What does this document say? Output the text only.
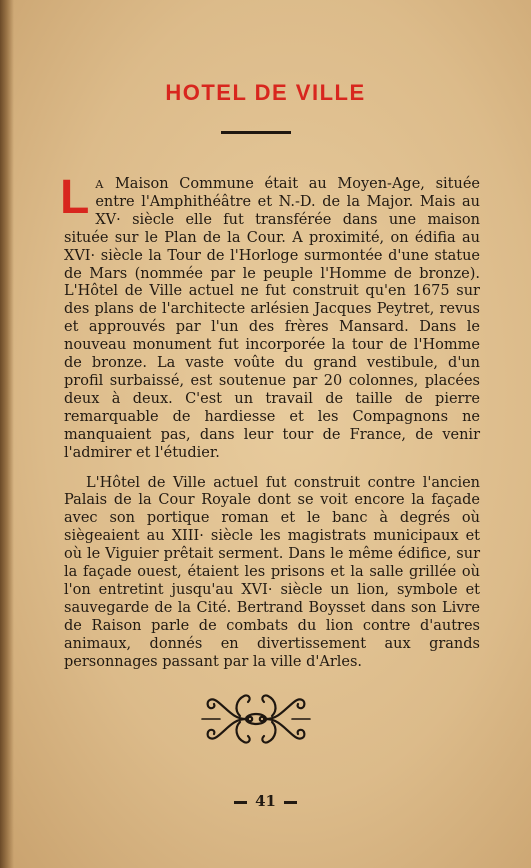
HOTEL DE VILLE

L A Maison Commune était au Moyen-Age, située entre l'Amphithéâtre et N.-D. de la Major. Mais au XV· siècle elle fut transférée dans une maison située sur le Plan de la Cour. A proximité, on édifia au XVI· siècle la Tour de l'Horloge surmontée d'une statue de Mars (nommée par le peuple l'Homme de bronze). L'Hôtel de Ville actuel ne fut construit qu'en 1675 sur des plans de l'architecte arlésien Jacques Peytret, revus et approuvés par l'un des frères Mansard. Dans le nouveau monument fut incorporée la tour de l'Homme de bronze. La vaste voûte du grand vestibule, d'un profil surbaissé, est soutenue par 20 colonnes, placées deux à deux. C'est un travail de taille de pierre remarquable de hardiesse et les Compagnons ne manquaient pas, dans leur tour de France, de venir l'admirer et l'étudier.

L'Hôtel de Ville actuel fut construit contre l'ancien Palais de la Cour Royale dont se voit encore la façade avec son portique roman et le banc à degrés où siègeaient au XIII· siècle les magistrats municipaux et où le Viguier prêtait serment. Dans le même édifice, sur la façade ouest, étaient les prisons et la salle grillée où l'on entretint jusqu'au XVI· siècle un lion, symbole et sauvegarde de la Cité. Bertrand Boysset dans son Livre de Raison parle de combats du lion contre d'autres animaux, donnés en divertissement aux grands personnages passant par la ville d'Arles.

41
